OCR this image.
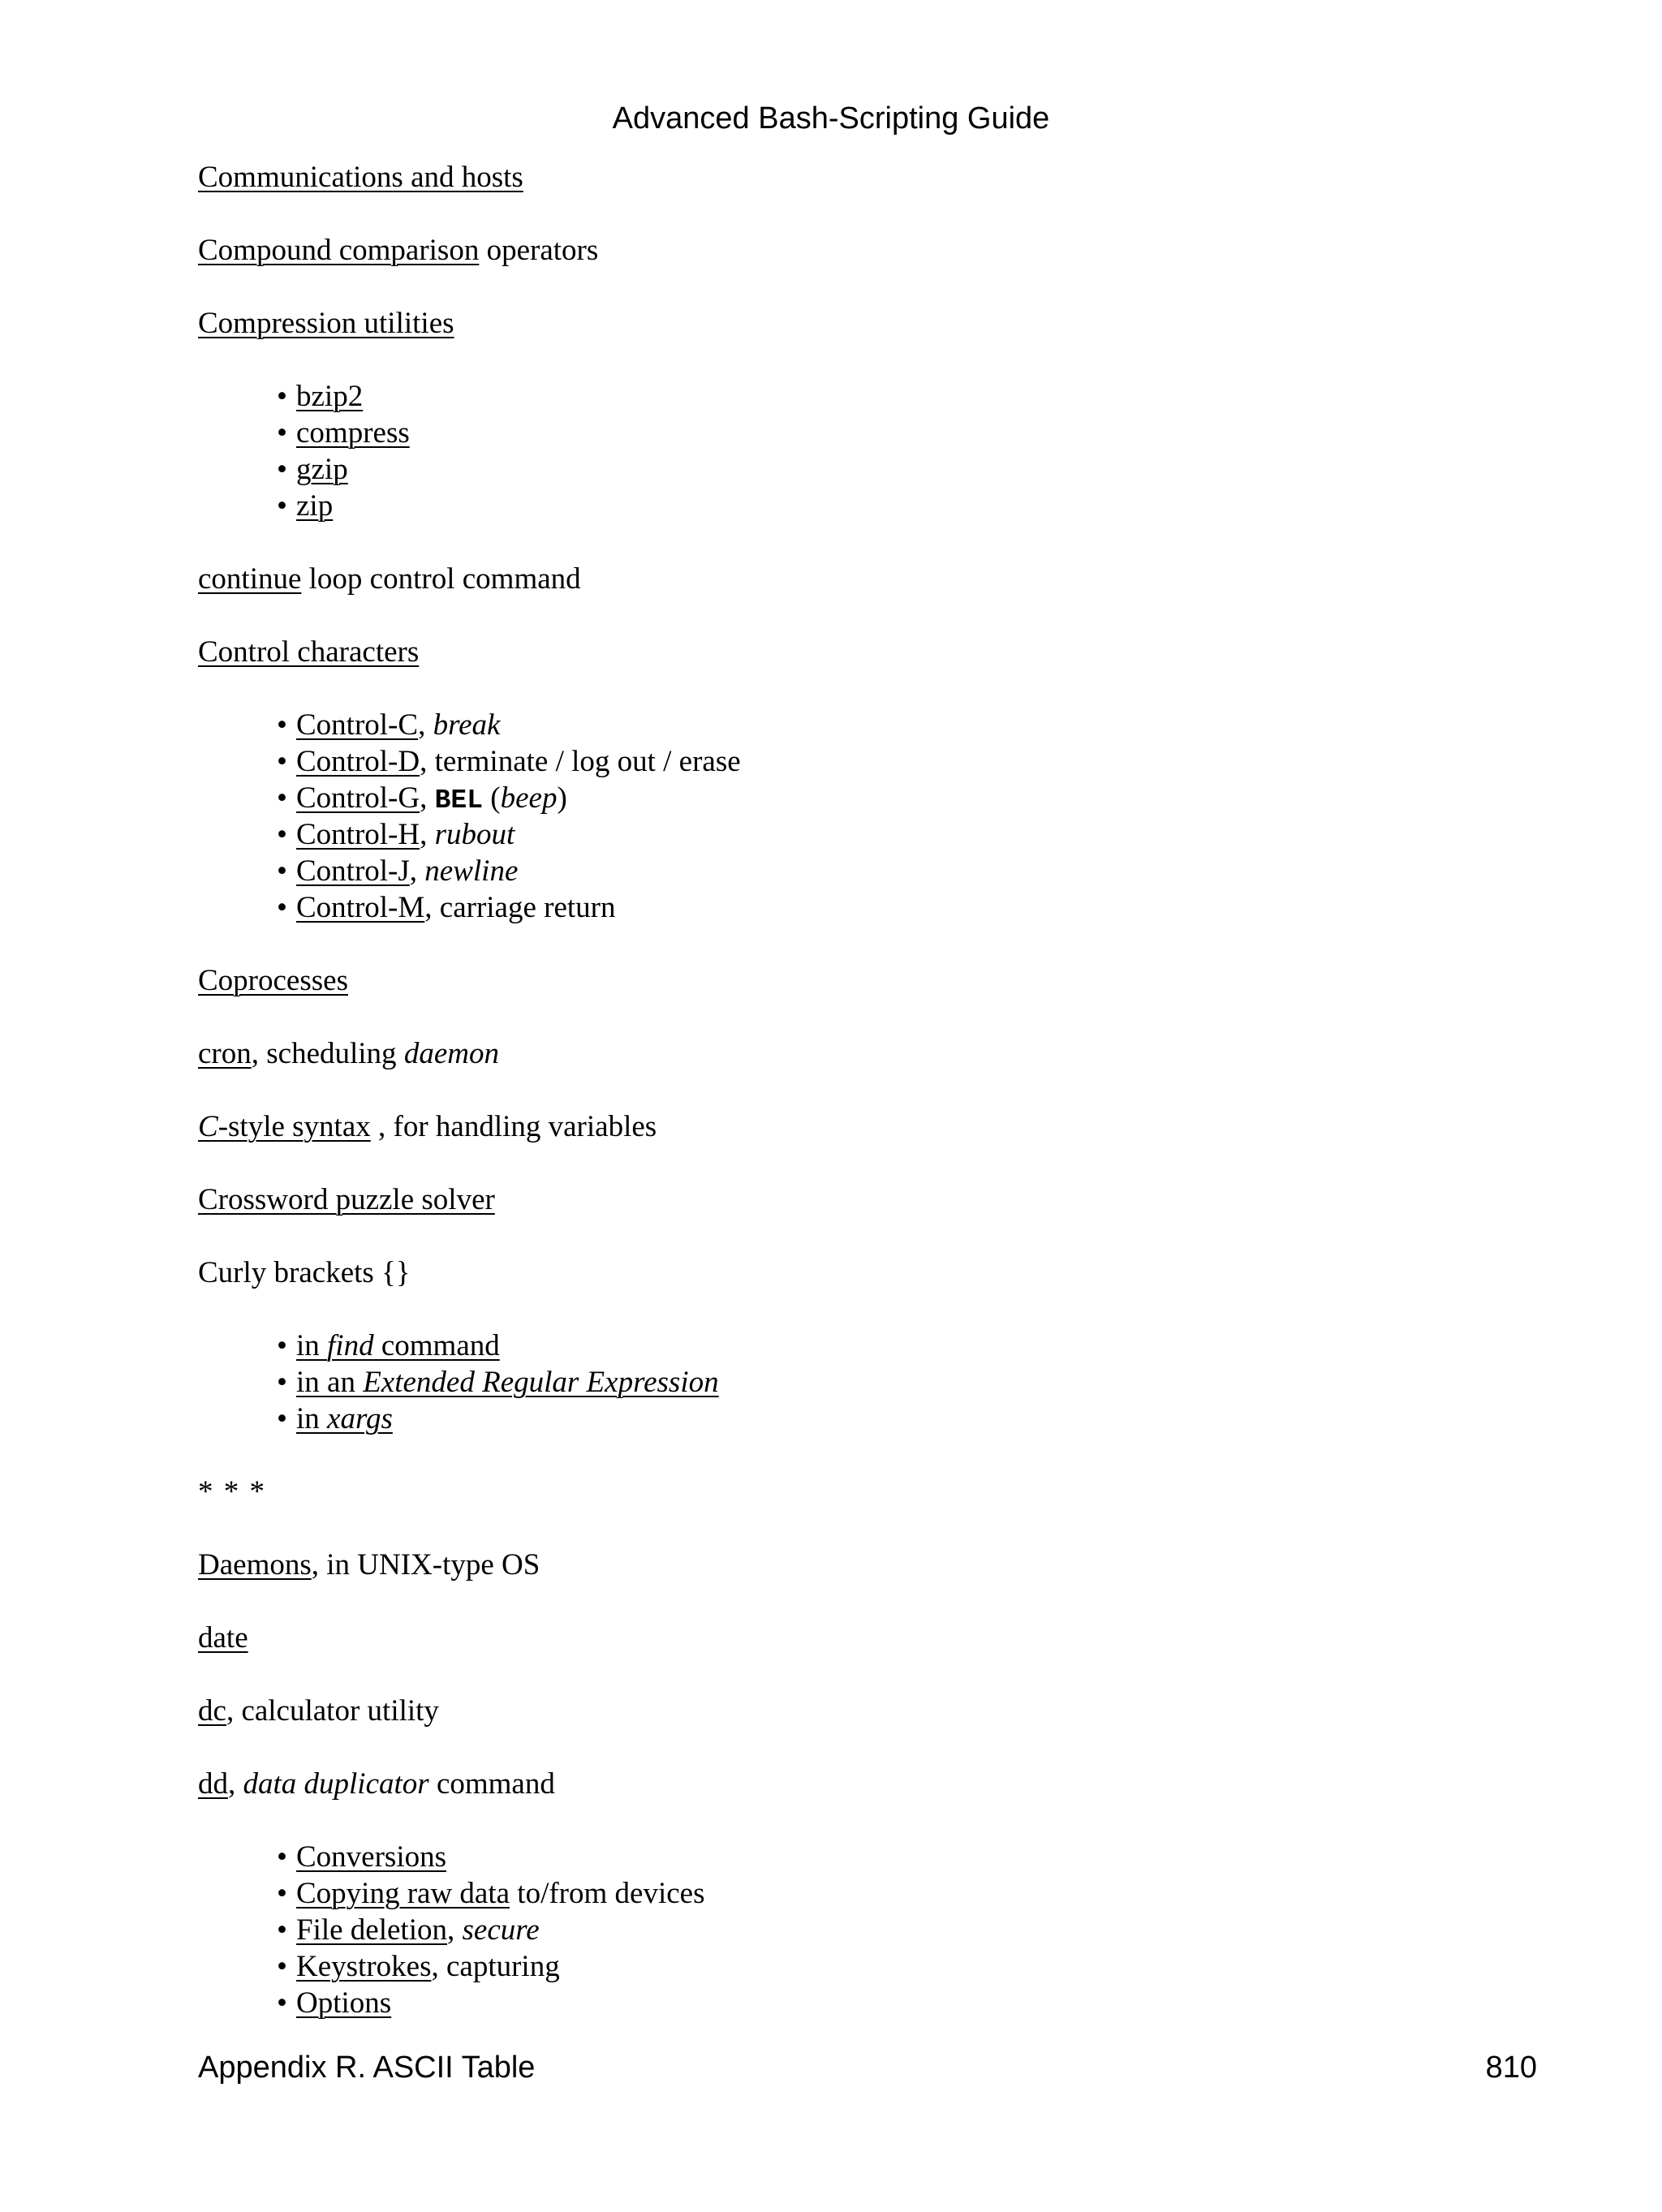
Advanced Bash-Scripting Guide
Communications and hosts
Compound comparison operators
Compression utilities
• bzip2
• compress
• gzip
• zip
continue loop control command
Control characters
• Control-C, break
• Control-D, terminate / log out / erase
• Control-G, BEL (beep)
• Control-H, rubout
• Control-J, newline
• Control-M, carriage return
Coprocesses
cron, scheduling daemon
C-style syntax , for handling variables
Crossword puzzle solver
Curly brackets {}
• in find command
• in an Extended Regular Expression
• in xargs
* * *
Daemons, in UNIX-type OS
date
dc, calculator utility
dd, data duplicator command
• Conversions
• Copying raw data to/from devices
• File deletion, secure
• Keystrokes, capturing
• Options
Appendix R. ASCII Table	810
